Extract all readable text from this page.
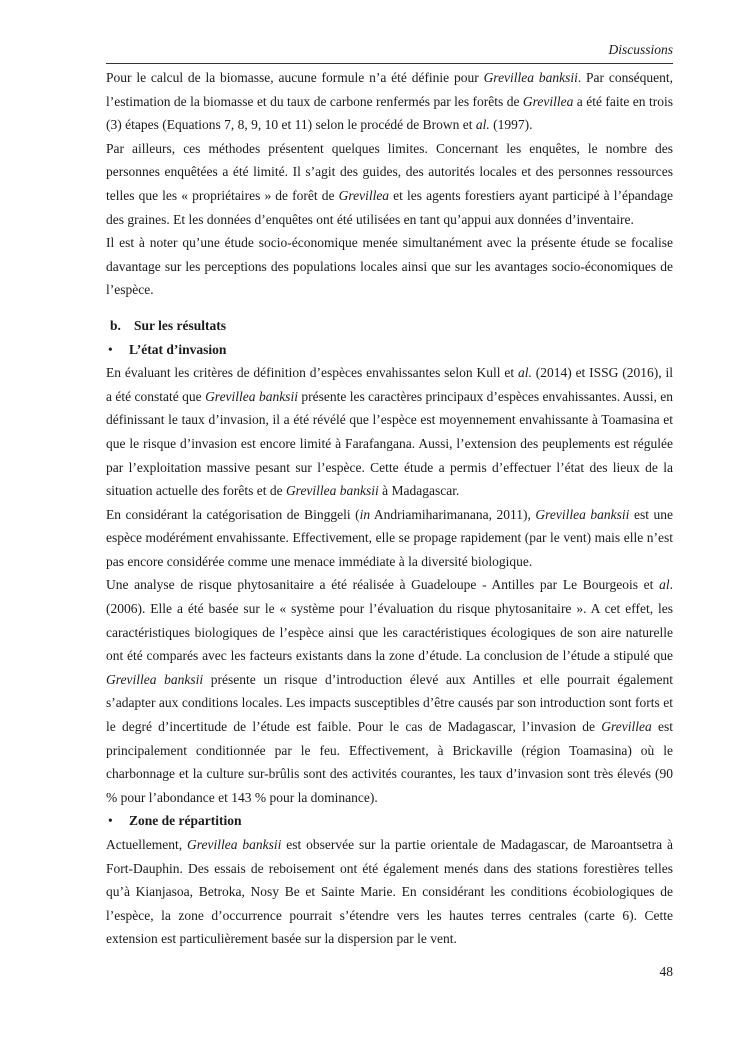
Discussions

Pour le calcul de la biomasse, aucune formule n’a été définie pour Grevillea banksii. Par conséquent, l’estimation de la biomasse et du taux de carbone renfermés par les forêts de Grevillea a été faite en trois (3) étapes (Equations 7, 8, 9, 10 et 11) selon le procédé de Brown et al. (1997).

Par ailleurs, ces méthodes présentent quelques limites. Concernant les enquêtes, le nombre des personnes enquêtées a été limité. Il s’agit des guides, des autorités locales et des personnes ressources telles que les « propriétaires » de forêt de Grevillea et les agents forestiers ayant participé à l’épandage des graines. Et les données d’enquêtes ont été utilisées en tant qu’appui aux données d’inventaire.

Il est à noter qu’une étude socio-économique menée simultanément avec la présente étude se focalise davantage sur les perceptions des populations locales ainsi que sur les avantages socio-économiques de l’espèce.

b. Sur les résultats

• L’état d’invasion

En évaluant les critères de définition d’espèces envahissantes selon Kull et al. (2014) et ISSG (2016), il a été constaté que Grevillea banksii présente les caractères principaux d’espèces envahissantes. Aussi, en définissant le taux d’invasion, il a été révélé que l’espèce est moyennement envahissante à Toamasina et que le risque d’invasion est encore limité à Farafangana. Aussi, l’extension des peuplements est régulée par l’exploitation massive pesant sur l’espèce. Cette étude a permis d’effectuer l’état des lieux de la situation actuelle des forêts et de Grevillea banksii à Madagascar.

En considérant la catégorisation de Binggeli (in Andriamiharimanana, 2011), Grevillea banksii est une espèce modérément envahissante. Effectivement, elle se propage rapidement (par le vent) mais elle n’est pas encore considérée comme une menace immédiate à la diversité biologique.

Une analyse de risque phytosanitaire a été réalisée à Guadeloupe - Antilles par Le Bourgeois et al. (2006). Elle a été basée sur le « système pour l’évaluation du risque phytosanitaire ». A cet effet, les caractéristiques biologiques de l’espèce ainsi que les caractéristiques écologiques de son aire naturelle ont été comparés avec les facteurs existants dans la zone d’étude. La conclusion de l’étude a stipulé que Grevillea banksii présente un risque d’introduction élevé aux Antilles et elle pourrait également s’adapter aux conditions locales. Les impacts susceptibles d’être causés par son introduction sont forts et le degré d’incertitude de l’étude est faible. Pour le cas de Madagascar, l’invasion de Grevillea est principalement conditionnée par le feu. Effectivement, à Brickaville (région Toamasina) où le charbonnage et la culture sur-brûlis sont des activités courantes, les taux d’invasion sont très élevés (90 % pour l’abondance et 143 % pour la dominance).

• Zone de répartition

Actuellement, Grevillea banksii est observée sur la partie orientale de Madagascar, de Maroantsetra à Fort-Dauphin. Des essais de reboisement ont été également menés dans des stations forestières telles qu’à Kianjasoa, Betroka, Nosy Be et Sainte Marie. En considérant les conditions écobiologiques de l’espèce, la zone d’occurrence pourrait s’étendre vers les hautes terres centrales (carte 6). Cette extension est particulièrement basée sur la dispersion par le vent.

48
